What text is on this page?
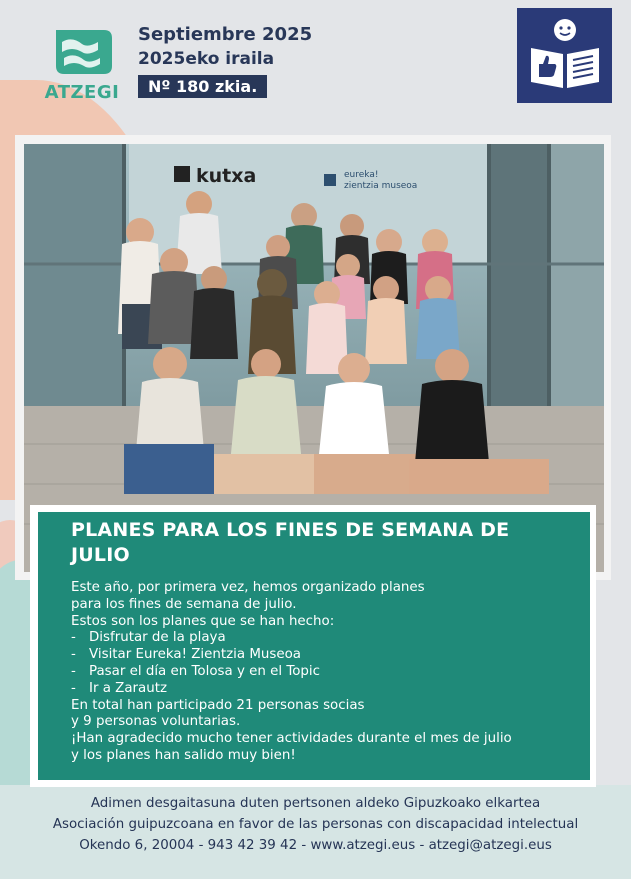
ATZEGI
Septiembre 2025
2025eko iraila
Nº 180 zkia.
kutxa	eureka!
zientzia museoa
PLANES PARA LOS FINES DE SEMANA DE JULIO
Este año, por primera vez, hemos organizado planes
para los fines de semana de julio.
Estos son los planes que se han hecho:
- Disfrutar de la playa
- Visitar Eureka! Zientzia Museoa
- Pasar el día en Tolosa y en el Topic
- Ir a Zarautz
En total han participado 21 personas socias
y 9 personas voluntarias.
¡Han agradecido mucho tener actividades durante el mes de julio
y los planes han salido muy bien!
Adimen desgaitasuna duten pertsonen aldeko Gipuzkoako elkartea
Asociación guipuzcoana en favor de las personas con discapacidad intelectual
Okendo 6, 20004 - 943 42 39 42 - www.atzegi.eus - atzegi@atzegi.eus
